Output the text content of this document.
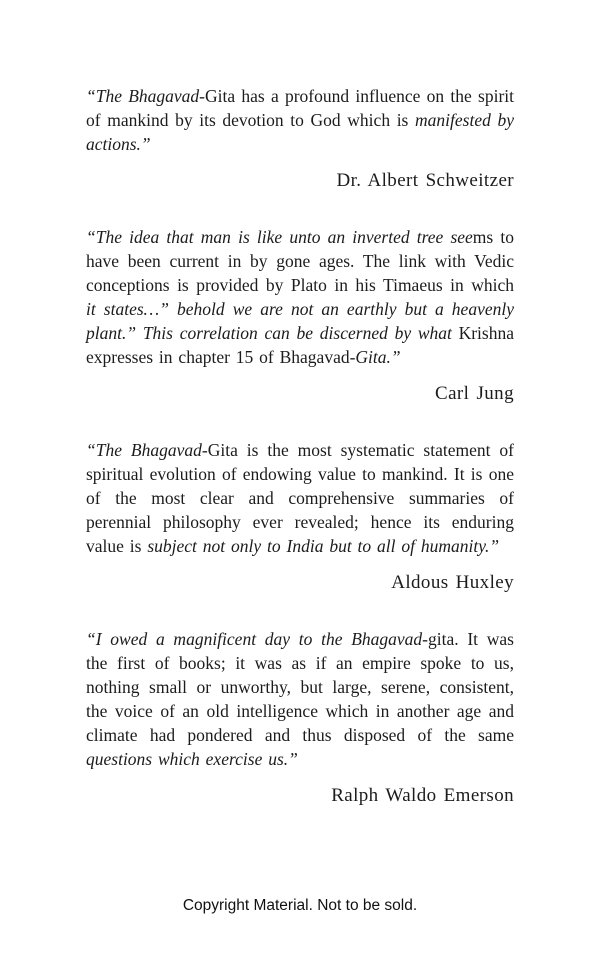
“The Bhagavad-Gita has a profound influence on the spirit of mankind by its devotion to God which is manifested by actions.”

Dr. Albert Schweitzer

“The idea that man is like unto an inverted tree seems to have been current in by gone ages. The link with Vedic conceptions is provided by Plato in his Timaeus in which it states…” behold we are not an earthly but a heavenly plant.” This correlation can be discerned by what Krishna expresses in chapter 15 of Bhagavad-Gita.”

Carl Jung

“The Bhagavad-Gita is the most systematic statement of spiritual evolution of endowing value to mankind. It is one of the most clear and comprehensive summaries of perennial philosophy ever revealed; hence its enduring value is subject not only to India but to all of humanity.”

Aldous Huxley

“I owed a magnificent day to the Bhagavad-gita. It was the first of books; it was as if an empire spoke to us, nothing small or unworthy, but large, serene, consistent, the voice of an old intelligence which in another age and climate had pondered and thus disposed of the same questions which exercise us.”

Ralph Waldo Emerson

Copyright Material. Not to be sold.
